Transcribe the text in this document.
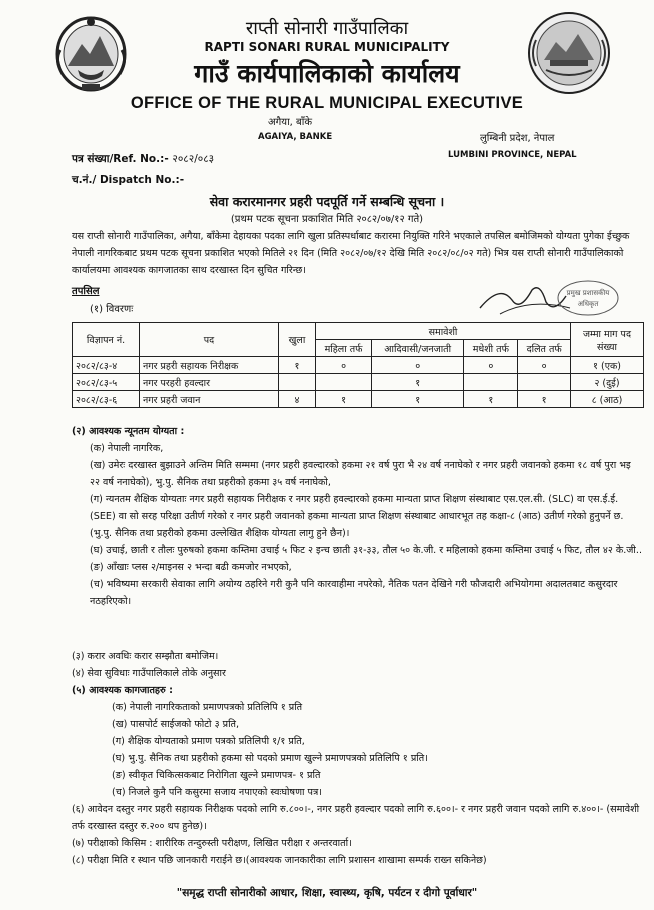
राप्ती सोनारी गाउँपालिका
RAPTI SONARI RURAL MUNICIPALITY
गाउँ कार्यपालिकाको कार्यालय
OFFICE OF THE RURAL MUNICIPAL EXECUTIVE
अगैया, बाँके
AGAIYA, BANKE	लुम्बिनी प्रदेश, नेपाल
LUMBINI PROVINCE, NEPAL
पत्र संख्या/Ref. No.:- २०८२/०८३
च.नं./ Dispatch No.:-
सेवा करारमानगर प्रहरी पदपूर्ति गर्ने सम्बन्धि सूचना ।
(प्रथम पटक सूचना प्रकाशित मिति २०८२/०७/१२ गते)
यस राप्ती सोनारी गाउँपालिका, अगैया, बाँकेमा देहायका पदका लागि खुला प्रतिस्पर्धाबाट करारमा नियुक्ति गरिने भएकाले तपसिल बमोजिमको योग्यता पुगेका ईच्छुक नेपाली नागरिकबाट प्रथम पटक सूचना प्रकाशित भएको मितिले २१ दिन (मिति २०८२/०७/१२ देखि मिति २०८२/०८/०२ गते) भित्र यस राप्ती सोनारी गाउँपालिकाको कार्यालयमा आवश्यक कागजातका साथ दरखास्त दिन सुचित गरिन्छ।
तपसिल
(१) विवरणः
प्रमुख प्रशासकीय
अधिकृत
विज्ञापन नं.	पद	खुला	समावेशी				जम्मा माग पद संख्या
			महिला तर्फ	आदिवासी/जनजाती	मधेशी तर्फ	दलित तर्फ	
२०८२/८३-४	नगर प्रहरी सहायक निरीक्षक	१	०	०	०	०	१ (एक)
२०८२/८३-५	नगर परहरी हवल्दार			१			२ (दुई)
२०८२/८३-६	नगर प्रहरी जवान	४	१	१	१	१	८ (आठ)
(२) आवश्यक न्यूनतम योग्यता :
(क) नेपाली नागरिक,
(ख) उमेरः दरखास्त बुझाउने अन्तिम मिति सम्ममा (नगर प्रहरी हवल्दारको हकमा २१ वर्ष पुरा भै २४ वर्ष ननाघेको र नगर प्रहरी जवानको हकमा १८ वर्ष पुरा भइ २२ वर्ष ननाघेको), भु.पु. सैनिक तथा प्रहरीको हकमा ३५ वर्ष ननाघेको,
(ग) न्यनतम शैक्षिक योग्यताः नगर प्रहरी सहायक निरीक्षक र नगर प्रहरी हवल्दारको हकमा मान्यता प्राप्त शिक्षण संस्थाबाट एस.एल.सी. (SLC) वा एस.ई.ई. (SEE) वा सो सरह परिक्षा उतीर्ण गरेको र नगर प्रहरी जवानको हकमा मान्यता प्राप्त शिक्षण संस्थाबाट आधारभूत तह कक्षा-८ (आठ) उतीर्ण गरेको हुनुपर्ने छ. (भु.पु. सैनिक तथा प्रहरीको हकमा उल्लेखित शैक्षिक योग्यता लागु हुने छैन)।
(घ) उचाई, छाती र तौलः पुरुषको हकमा कम्तिमा उचाई ५ फिट २ इन्च छाती ३१-३३, तौल ५० के.जी. र महिलाको हकमा कम्तिमा उचाई ५ फिट, तौल ४२ के.जी..
(ङ) आँखाः प्लस २/माइनस २ भन्दा बढी कमजोर नभएको,
(च) भविष्यमा सरकारी सेवाका लागि अयोग्य ठहरिने गरी कुनै पनि कारवाहीमा नपरेको, नैतिक पतन देखिने गरी फौजदारी अभियोगमा अदालतबाट कसुरदार नठहरिएको।
(३) करार अवधिः करार सम्झौता बमोजिम।
(४) सेवा सुविधाः गाउँपालिकाले तोके अनुसार
(५) आवश्यक कागजातहरु :
(क) नेपाली नागरिकताको प्रमाणपत्रको प्रतिलिपि १ प्रति
(ख) पासपोर्ट साईजको फोटो ३ प्रति,
(ग) शैक्षिक योग्यताको प्रमाण पत्रको प्रतिलिपी १/१ प्रति,
(घ) भु.पु. सैनिक तथा प्रहरीको हकमा सो पदको प्रमाण खुल्ने प्रमाणपत्रको प्रतिलिपि १ प्रति।
(ङ) स्वीकृत चिकित्सकबाट निरोगिता खुल्ने प्रमाणपत्र- १ प्रति
(च) निजले कुनै पनि कसुरमा सजाय नपाएको स्वःघोषणा पत्र।
(६) आवेदन दस्तुर नगर प्रहरी सहायक निरीक्षक पदको लागि रु.८००।-, नगर प्रहरी हवल्दार पदको लागि रु.६००।- र नगर प्रहरी जवान पदको लागि रु.४००।- (समावेशी तर्फ दरखास्त दस्तुर रु.२०० थप हुनेछ)।
(७) परीक्षाको किसिम : शारीरिक तन्दुरुस्ती परीक्षण, लिखित परीक्षा र अन्तरवार्ता।
(८) परीक्षा मिति र स्थान पछि जानकारी गराईने छ।(आवश्यक जानकारीका लागि प्रशासन शाखामा सम्पर्क राख्न सकिनेछ)
"समृद्ध राप्ती सोनारीको आधार, शिक्षा, स्वास्थ्य, कृषि, पर्यटन र दीगो पूर्वाधार"
